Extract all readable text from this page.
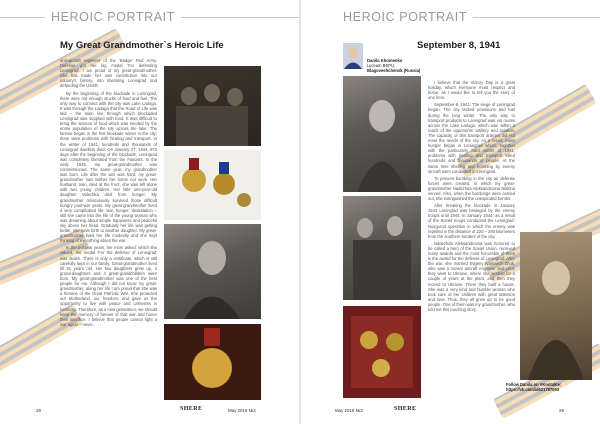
HEROIC PORTRAIT
My Great Grandmother`s Heroic Life

anti-aircraft regiment of the 'Badge' Red Army. Defense got her big medal 'For defending Leningrad'. I am proud of my great-grandmother. She has made her own contribution into our country's history, into liberating Leningrad and defending the USSR.

By the beginning of the blockade in Leningrad, there were not enough stocks of food and fuel. The only way to connect with the city was Lake Ladoga. It was through the Ladoga that the Road of Life was laid – the main line through which blockaded Leningrad was supplied with food. It was difficult to bring the amount of food which was needed by the entire population of the city across the lake. The famine began in the first blockade winter in the city; there were problems with heating and transport. In the winter of 1941, hundreds and thousands of Leningrad dwellers died. On January 27, 1944, 872 days after the beginning of the blockade, Leningrad was completely liberated from the Fascists. In the early 1945, my great-grandmother was commissioned. The same year, my grandmother was born. Life after the war was hard; my great-grandmother had neither her home nor work. Her husband, Ivan, died at the front, she was left alone with two young children. Her little one-year-old daughter Valechka died from hunger. My grandmother miraculously survived those difficult hungry post-war years. My great-grandmother lived a very complicated life: war, hunger, devastation – still she came into the life of the young woman who was dreaming about simple happiness and peaceful sky above her head. Gradually her life was getting better, she gave birth to another daughter. My great-grandmother lived her life modestly and she kept thinking of everything about the war.

In the postwar years, her mom asked: which she valued, the medal 'For the defense of Leningrad' was stolen. There is only a certificate, which is still carefully kept in our family. Great-grandmother lived till 91 years old. Her two daughters grew up, 4 grand-daughters and 4 great-grandchildren were born. My great-grandmother was one of the best people for me. Although I did not know my great-grandmother, along her life I am proud that she was a heroine of the Great Patriotic War. She protected our Motherland, our freedom, and gave us the opportunity to live with peace and calmness in harmony. Therefore, as a new generation, we should keep the memory of heroes of that war and honor their sacrifice. I believe that people cannot fight a war again – never.

28	SHERE	May 2019 №3
HEROIC PORTRAIT
September 8, 1941
Danila Khomenko
Lyceum BEPU,
Blagoveshchensk (Russia)

I believe that the Victory Day is a great holiday, which everyone must respect and honor, as I would like to tell you the story of one hero.

September 8, 1941. The siege of Leningrad began. The city lacked provisions and fuel during the long winter. The only way to transport products to Leningrad was via routes across the Lake Ladoga, which was within a reach of the opponents' artillery and aviation. The capacity of this transport arteries did not meet the needs of the city. As a result, mass hunger began in Leningrad which, together with the particularly hard winter of 1941, problems with heating and transport killed hundreds and thousands of people. At the same time shelling and bombing by enemy aircraft were conducted in Leningrad.

To prevent bombing in the city air defense forces were created, in which my great-grandmother Nadezhda Aleksandrovna Nikitina served. Also, when the bombings were carried out, she extinguished the unexploded bombs.

After breaking the blockade in January 1943 Leningrad was besieged by the enemy troops until 1944. In January 1944, as a result of the Soviet troops conducted the Leningrad-Novgorod operation in which the enemy was repelled in the distance of 220 – 280 kilometers from the southern borders of the city.

Nadezhda Aleksandrovna was honored to be called a hero of the Soviet Union, received many awards and the most honorable of them is the award for the defense of Leningrad. After the war, she married Evgeny Ivanovich Zhuk, who was a Soviet aircraft engineer and pilot; they went to Ukraine, where she worked for a couple of years at the plant, and then they moved to Ukraine. There they built a house. She was a very kind and humble woman who took care of her children with great attention and love. Thus, they all grew up to be good people. One of them was my grandmother, who told me this touching story.

Follow Danila on VKontakte:
https://vk.com/id621787053
May 2019 №3	SHERE	29
